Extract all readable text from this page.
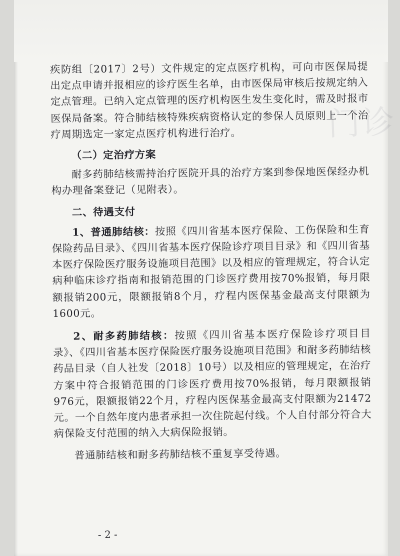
门诊

疾防组〔2017〕2号）文件规定的定点医疗机构，可向市医保局提出定点申请并报相应的诊疗医生名单，由市医保局审核后按规定纳入定点管理。已纳入定点管理的医疗机构医生发生变化时，需及时报市医保局备案。符合肺结核特殊疾病资格认定的参保人员原则上一个治疗周期选定一家定点医疗机构进行治疗。

（二）定治疗方案

耐多药肺结核需持治疗医院开具的治疗方案到参保地医保经办机构办理备案登记（见附表）。

二、待遇支付

1、普通肺结核：按照《四川省基本医疗保险、工伤保险和生育保险药品目录》、《四川省基本医疗保险诊疗项目目录》和《四川省基本医疗保险医疗服务设施项目范围》以及相应的管理规定，符合认定病种临床诊疗指南和报销范围的门诊医疗费用按70%报销，每月限额报销200元，限额报销8个月，疗程内医保基金最高支付限额为1600元。

2、耐多药肺结核：按照《四川省基本医疗保险诊疗项目目录》、《四川省基本医疗保险医疗服务设施项目范围》和耐多药肺结核药品目录（自人社发〔2018〕10号）以及相应的管理规定，在治疗方案中符合报销范围的门诊医疗费用按70%报销，每月限额报销976元，限额报销22个月，疗程内医保基金最高支付限额为21472元。一个自然年度内患者承担一次住院起付线。个人自付部分符合大病保险支付范围的纳入大病保险报销。

普通肺结核和耐多药肺结核不重复享受待遇。

- 2 -
